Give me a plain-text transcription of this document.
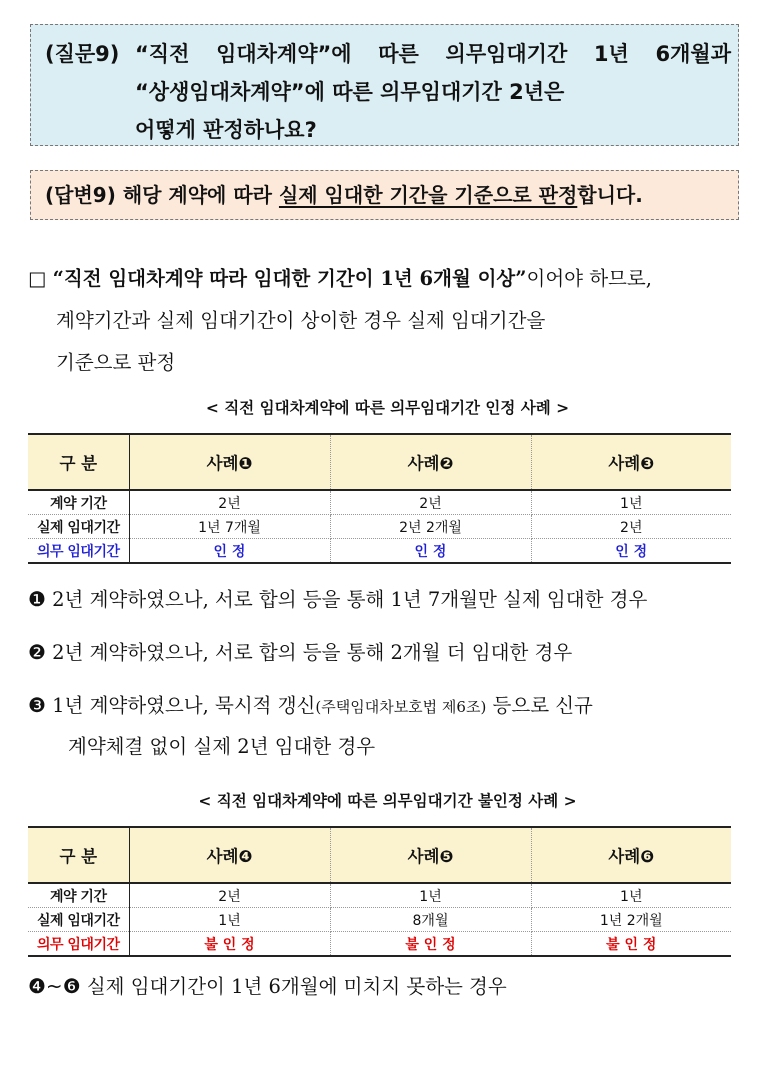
(질문9) “직전 임대차계약”에 따른 의무임대기간 1년 6개월과
“상생임대차계약”에 따른 의무임대기간 2년은
어떻게 판정하나요?
(답변9) 해당 계약에 따라 실제 임대한 기간을 기준으로 판정합니다.
□ “직전 임대차계약 따라 임대한 기간이 1년 6개월 이상”이어야 하므로,
계약기간과 실제 임대기간이 상이한 경우 실제 임대기간을
기준으로 판정
< 직전 임대차계약에 따른 의무임대기간 인정 사례 >
구 분	사례❶	사례❷	사례❸
계약 기간	2년	2년	1년
실제 임대기간	1년 7개월	2년 2개월	2년
의무 임대기간	인 정	인 정	인 정
❶ 2년 계약하였으나, 서로 합의 등을 통해 1년 7개월만 실제 임대한 경우
❷ 2년 계약하였으나, 서로 합의 등을 통해 2개월 더 임대한 경우
❸ 1년 계약하였으나, 묵시적 갱신(주택임대차보호법 제6조) 등으로 신규
계약체결 없이 실제 2년 임대한 경우
< 직전 임대차계약에 따른 의무임대기간 불인정 사례 >
구 분	사례❹	사례❺	사례❻
계약 기간	2년	1년	1년
실제 임대기간	1년	8개월	1년 2개월
의무 임대기간	불 인 정	불 인 정	불 인 정
❹~❻ 실제 임대기간이 1년 6개월에 미치지 못하는 경우
